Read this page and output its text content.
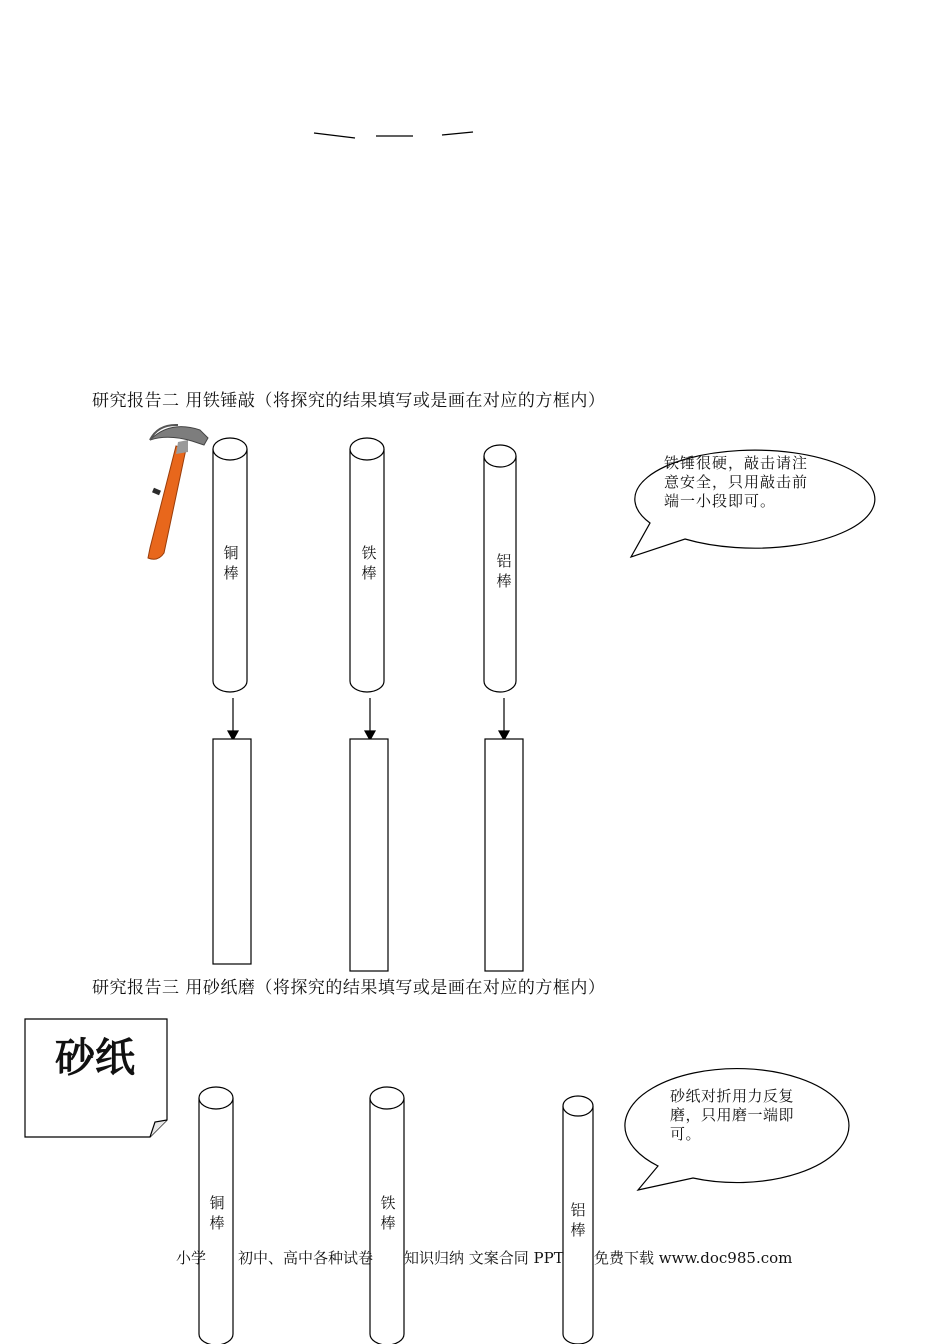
研究报告二 用铁锤敲（将探究的结果填写或是画在对应的方框内）
铜棒
铁棒
铝棒
铁锤很硬，敲击请注意安全，只用敲击前端一小段即可。
研究报告三 用砂纸磨（将探究的结果填写或是画在对应的方框内）
砂纸
铜棒
铁棒
铝棒
砂纸对折用力反复磨，只用磨一端即可。
小学 初中、高中各种试卷 知识归纳 文案合同 PPT 免费下载 www.doc985.com
